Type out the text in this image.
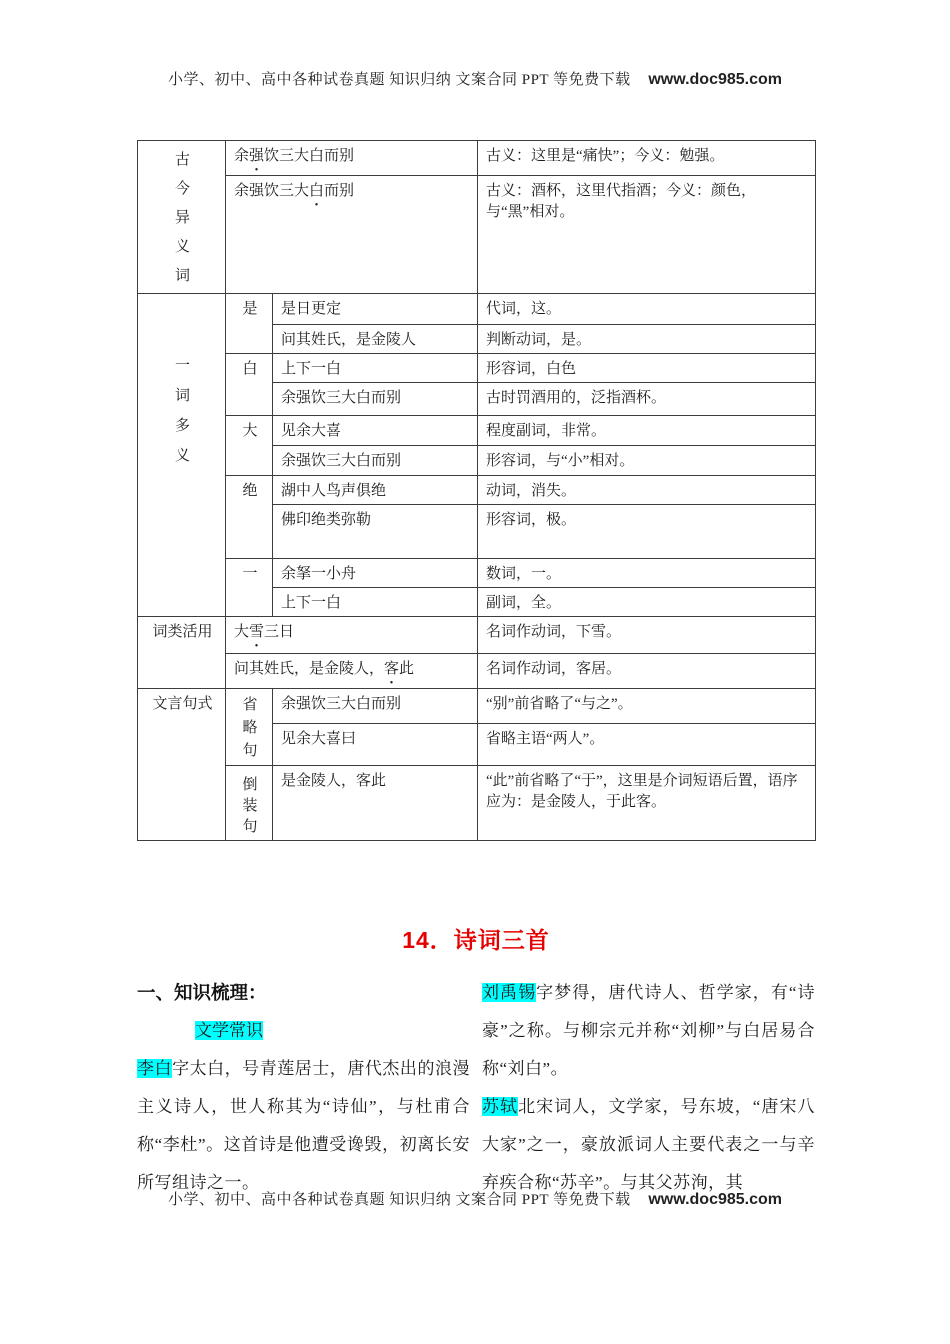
小学、初中、高中各种试卷真题 知识归纳 文案合同 PPT 等免费下载 www.doc985.com
古今异义词	余强饮三大白而别		古义：这里是“痛快”；今义：勉强。
	余强饮三大白而别		古义：酒杯，这里代指酒；今义：颜色，与“黑”相对。
一词多义	是	是日更定	代词，这。
		问其姓氏，是金陵人	判断动词，是。
	白	上下一白	形容词，白色
		余强饮三大白而别	古时罚酒用的，泛指酒杯。
	大	见余大喜	程度副词，非常。
		余强饮三大白而别	形容词，与“小”相对。
	绝	湖中人鸟声俱绝	动词，消失。
		佛印绝类弥勒	形容词，极。
	一	余拏一小舟	数词，一。
		上下一白	副词，全。
词类活用	大雪三日		名词作动词，下雪。
	问其姓氏，是金陵人，客此		名词作动词，客居。
文言句式	省略句	余强饮三大白而别	“别”前省略了“与之”。
		见余大喜曰	省略主语“两人”。
	倒装句	是金陵人，客此	“此”前省略了“于”，这里是介词短语后置，语序应为：是金陵人，于此客。
14．诗词三首
一、知识梳理：
文学常识
李白字太白，号青莲居士，唐代杰出的浪漫主义诗人，世人称其为“诗仙”，与杜甫合称“李杜”。这首诗是他遭受谗毁，初离长安所写组诗之一。
刘禹锡字梦得，唐代诗人、哲学家，有“诗豪”之称。与柳宗元并称“刘柳”与白居易合称“刘白”。
苏轼北宋词人，文学家，号东坡，“唐宋八大家”之一，豪放派词人主要代表之一与辛弃疾合称“苏辛”。与其父苏洵，其
小学、初中、高中各种试卷真题 知识归纳 文案合同 PPT 等免费下载 www.doc985.com
